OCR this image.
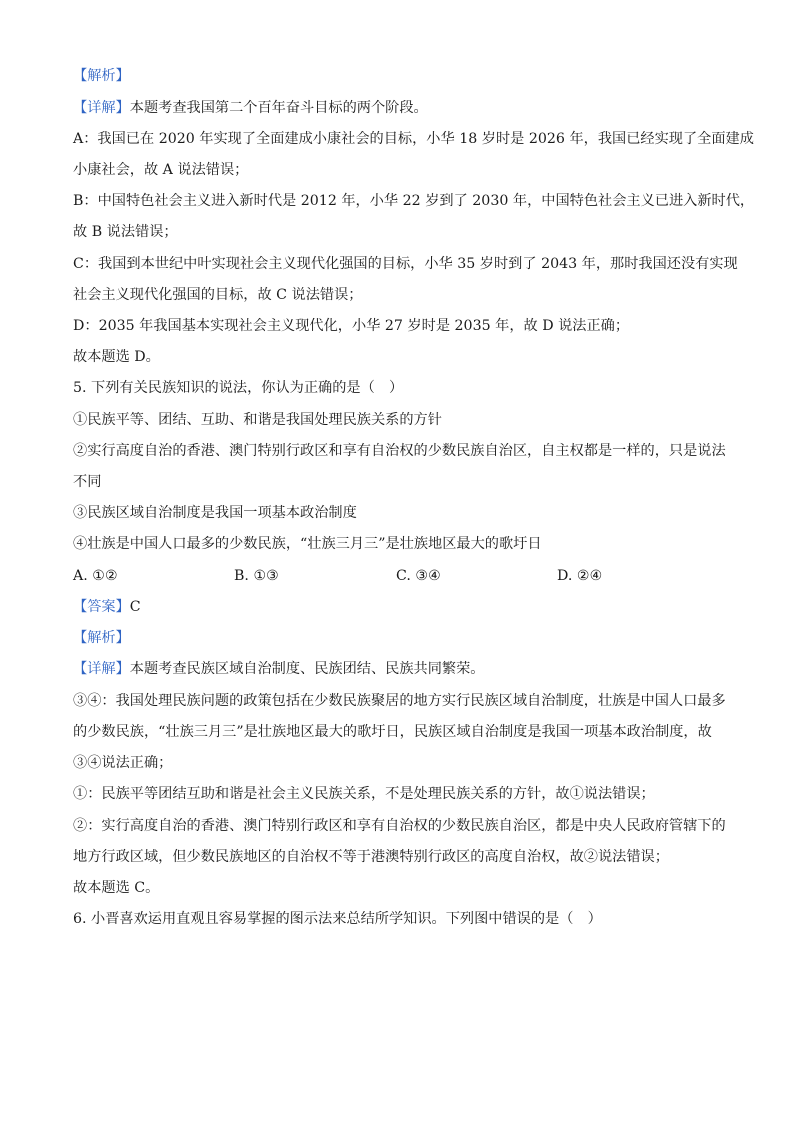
【解析】
【详解】本题考查我国第二个百年奋斗目标的两个阶段。
A：我国已在 2020 年实现了全面建成小康社会的目标，小华 18 岁时是 2026 年，我国已经实现了全面建成
小康社会，故 A 说法错误；
B：中国特色社会主义进入新时代是 2012 年，小华 22 岁到了 2030 年，中国特色社会主义已进入新时代，
故 B 说法错误；
C：我国到本世纪中叶实现社会主义现代化强国的目标，小华 35 岁时到了 2043 年，那时我国还没有实现
社会主义现代化强国的目标，故 C 说法错误；
D：2035 年我国基本实现社会主义现代化，小华 27 岁时是 2035 年，故 D 说法正确；
故本题选 D。
5. 下列有关民族知识的说法，你认为正确的是（　）
①民族平等、团结、互助、和谐是我国处理民族关系的方针
②实行高度自治的香港、澳门特别行政区和享有自治权的少数民族自治区，自主权都是一样的，只是说法
不同
③民族区域自治制度是我国一项基本政治制度
④壮族是中国人口最多的少数民族，“壮族三月三”是壮族地区最大的歌圩日
A. ①②	B. ①③	C. ③④	D. ②④
【答案】C
【解析】
【详解】本题考查民族区域自治制度、民族团结、民族共同繁荣。
③④：我国处理民族问题的政策包括在少数民族聚居的地方实行民族区域自治制度，壮族是中国人口最多
的少数民族，“壮族三月三”是壮族地区最大的歌圩日，民族区域自治制度是我国一项基本政治制度，故
③④说法正确；
①：民族平等团结互助和谐是社会主义民族关系，不是处理民族关系的方针，故①说法错误；
②：实行高度自治的香港、澳门特别行政区和享有自治权的少数民族自治区，都是中央人民政府管辖下的
地方行政区域，但少数民族地区的自治权不等于港澳特别行政区的高度自治权，故②说法错误；
故本题选 C。
6. 小晋喜欢运用直观且容易掌握的图示法来总结所学知识。下列图中错误的是（　）
